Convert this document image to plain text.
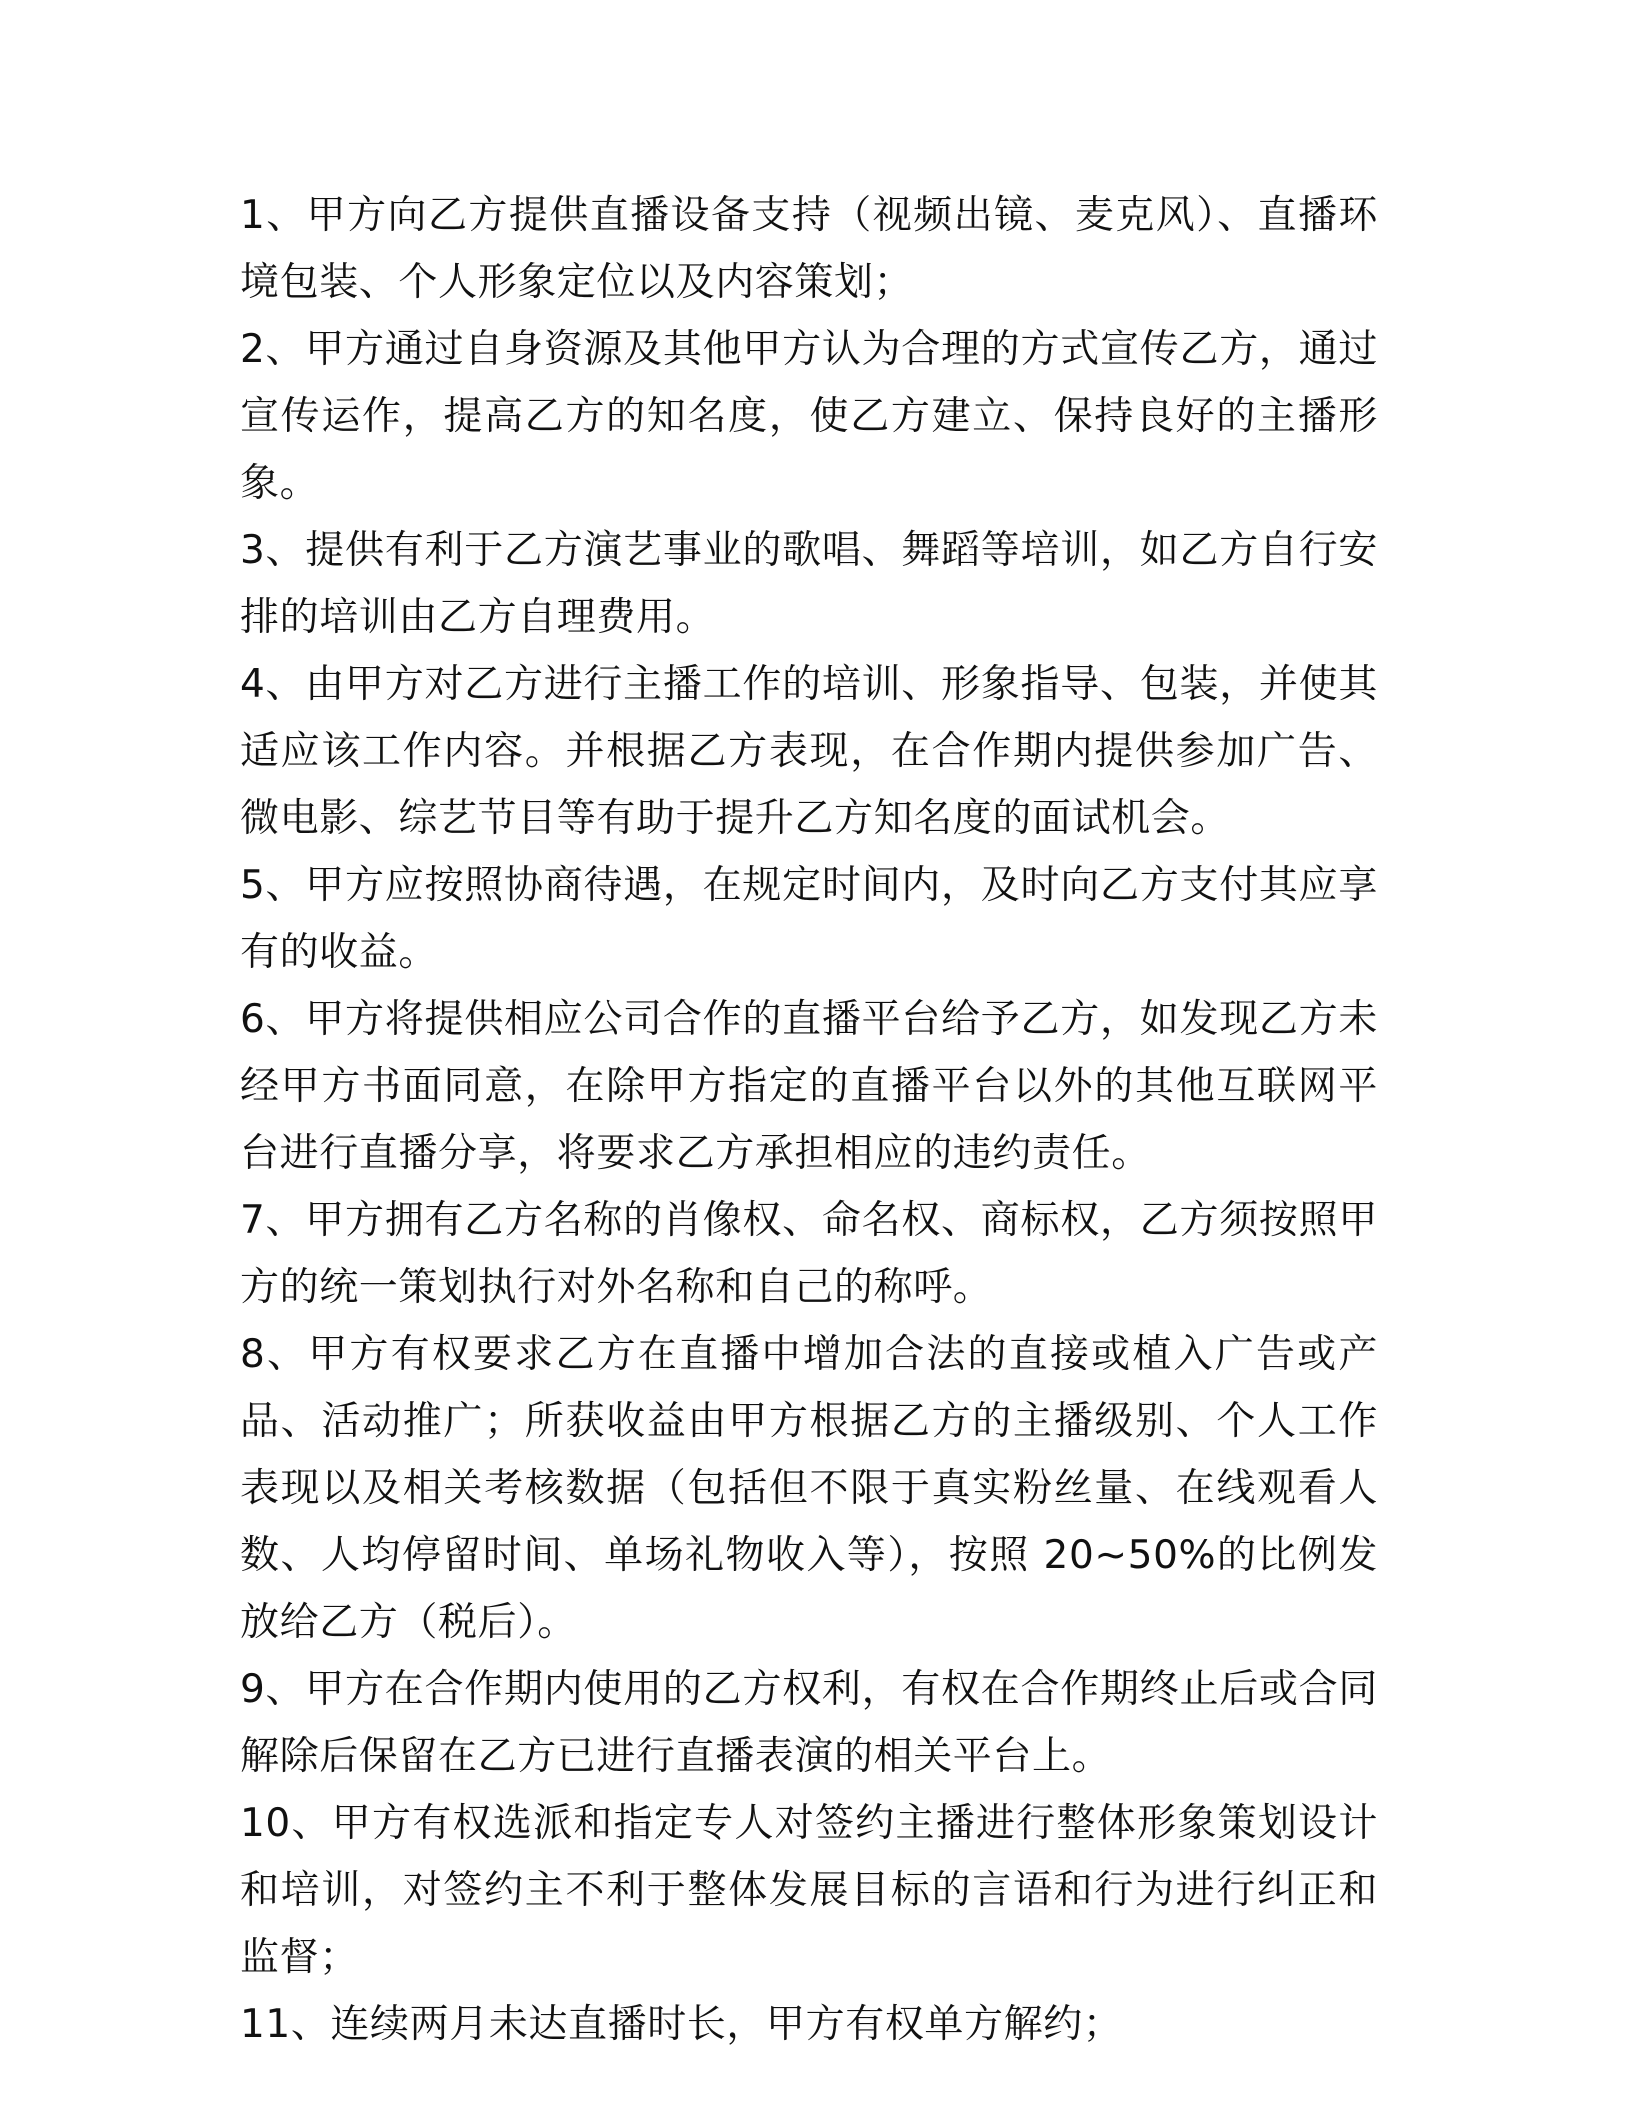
1、甲方向乙方提供直播设备支持（视频出镜、麦克风）、直播环境包装、个人形象定位以及内容策划；

2、甲方通过自身资源及其他甲方认为合理的方式宣传乙方，通过宣传运作，提高乙方的知名度，使乙方建立、保持良好的主播形象。

3、提供有利于乙方演艺事业的歌唱、舞蹈等培训，如乙方自行安排的培训由乙方自理费用。

4、由甲方对乙方进行主播工作的培训、形象指导、包装，并使其适应该工作内容。并根据乙方表现，在合作期内提供参加广告、微电影、综艺节目等有助于提升乙方知名度的面试机会。

5、甲方应按照协商待遇，在规定时间内，及时向乙方支付其应享有的收益。

6、甲方将提供相应公司合作的直播平台给予乙方，如发现乙方未经甲方书面同意，在除甲方指定的直播平台以外的其他互联网平台进行直播分享，将要求乙方承担相应的违约责任。

7、甲方拥有乙方名称的肖像权、命名权、商标权，乙方须按照甲方的统一策划执行对外名称和自己的称呼。

8、甲方有权要求乙方在直播中增加合法的直接或植入广告或产品、活动推广；所获收益由甲方根据乙方的主播级别、个人工作表现以及相关考核数据（包括但不限于真实粉丝量、在线观看人数、人均停留时间、单场礼物收入等），按照 20~50%的比例发放给乙方（税后）。

9、甲方在合作期内使用的乙方权利，有权在合作期终止后或合同解除后保留在乙方已进行直播表演的相关平台上。

10、甲方有权选派和指定专人对签约主播进行整体形象策划设计和培训，对签约主不利于整体发展目标的言语和行为进行纠正和监督；

11、连续两月未达直播时长，甲方有权单方解约；
